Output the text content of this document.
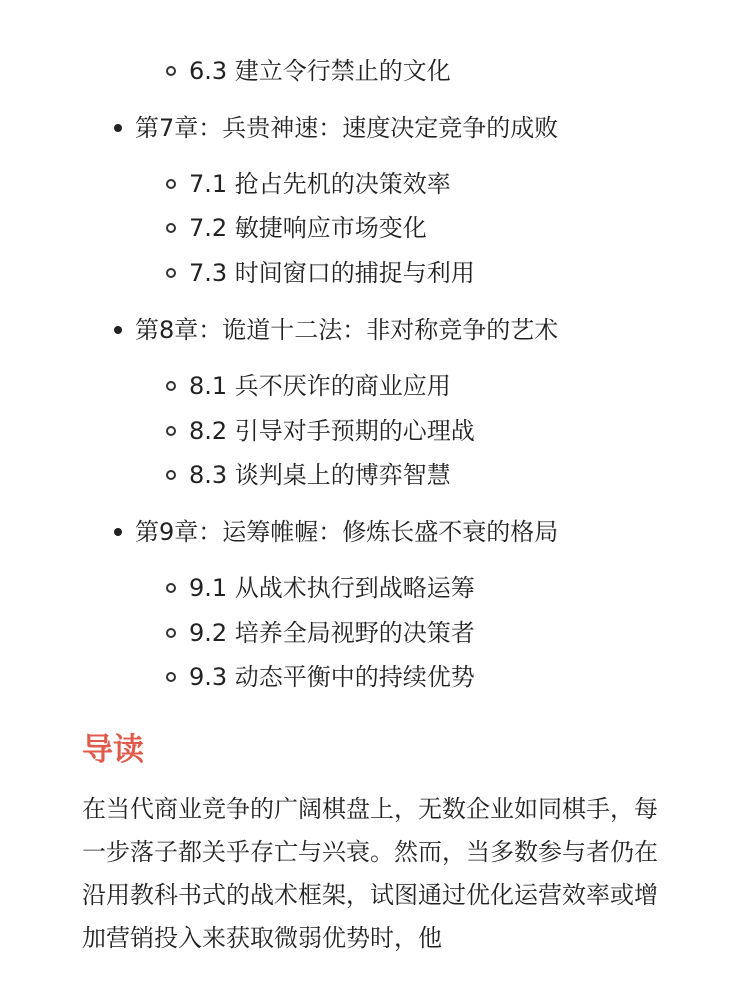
6.3 建立令行禁止的文化
第7章：兵贵神速：速度决定竞争的成败
7.1 抢占先机的决策效率
7.2 敏捷响应市场变化
7.3 时间窗口的捕捉与利用
第8章：诡道十二法：非对称竞争的艺术
8.1 兵不厌诈的商业应用
8.2 引导对手预期的心理战
8.3 谈判桌上的博弈智慧
第9章：运筹帷幄：修炼长盛不衰的格局
9.1 从战术执行到战略运筹
9.2 培养全局视野的决策者
9.3 动态平衡中的持续优势
导读

在当代商业竞争的广阔棋盘上，无数企业如同棋手，每一步落子都关乎存亡与兴衰。然而，当多数参与者仍在沿用教科书式的战术框架，试图通过优化运营效率或增加营销投入来获取微弱优势时，他
